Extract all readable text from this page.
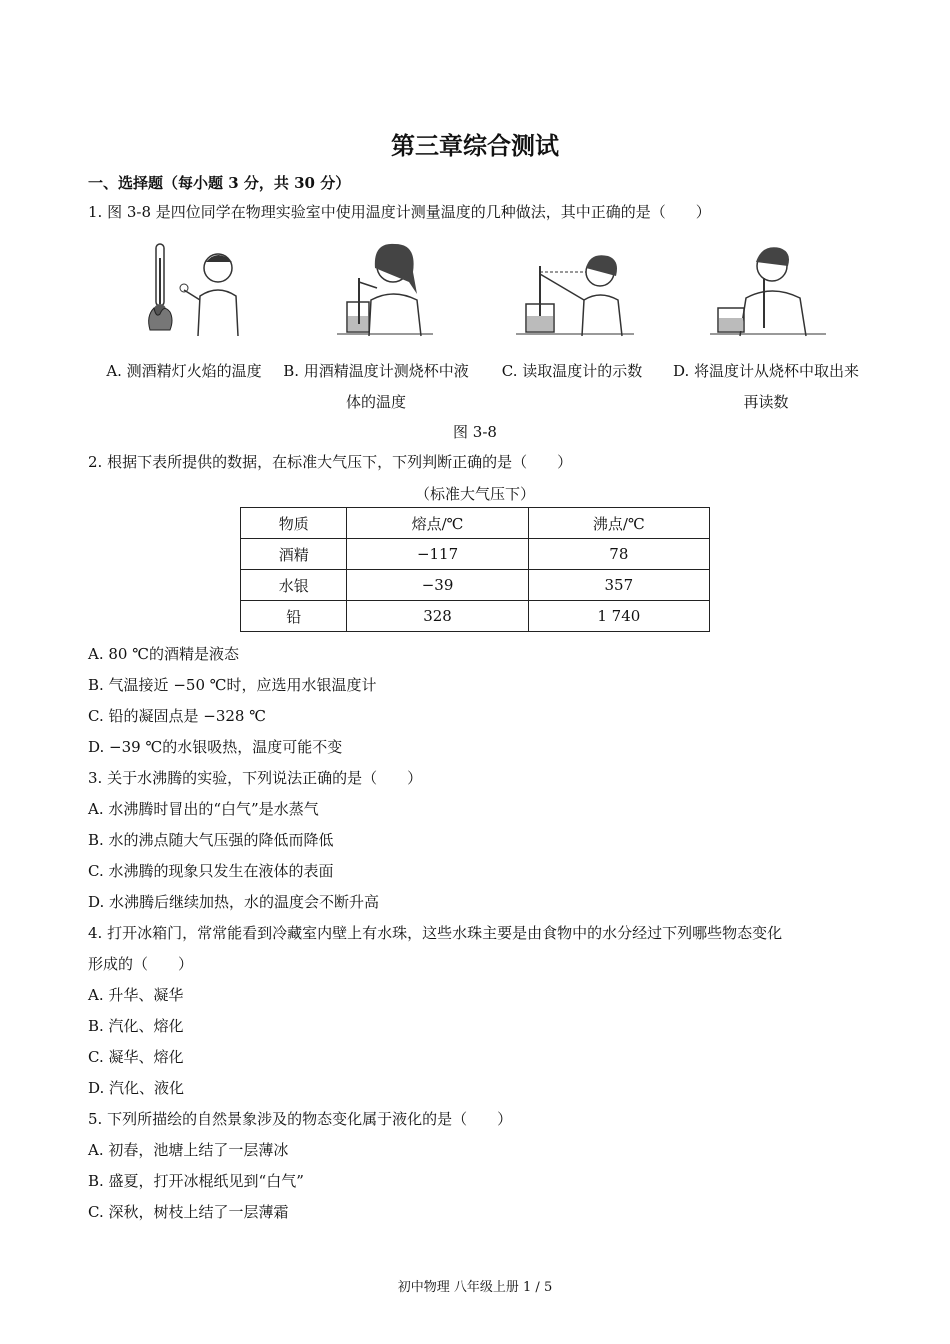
第三章综合测试
一、选择题（每小题 3 分，共 30 分）
1. 图 3-8 是四位同学在物理实验室中使用温度计测量温度的几种做法，其中正确的是（　　）
A. 测酒精灯火焰的温度	B. 用酒精温度计测烧杯中液体的温度
C. 读取温度计的示数	D. 将温度计从烧杯中取出来再读数
图 3-8
2. 根据下表所提供的数据，在标准大气压下，下列判断正确的是（　　）
（标准大气压下）
物质	熔点/℃	沸点/℃
酒精	−117	78
水银	−39	357
铅	328	1 740
A. 80 ℃的酒精是液态
B. 气温接近 −50 ℃时，应选用水银温度计
C. 铅的凝固点是 −328 ℃
D. −39 ℃的水银吸热，温度可能不变
3. 关于水沸腾的实验，下列说法正确的是（　　）
A. 水沸腾时冒出的“白气”是水蒸气
B. 水的沸点随大气压强的降低而降低
C. 水沸腾的现象只发生在液体的表面
D. 水沸腾后继续加热，水的温度会不断升高
4. 打开冰箱门，常常能看到冷藏室内壁上有水珠，这些水珠主要是由食物中的水分经过下列哪些物态变化
形成的（　　）
A. 升华、凝华
B. 汽化、熔化
C. 凝华、熔化
D. 汽化、液化
5. 下列所描绘的自然景象涉及的物态变化属于液化的是（　　）
A. 初春，池塘上结了一层薄冰
B. 盛夏，打开冰棍纸见到“白气”
C. 深秋，树枝上结了一层薄霜
初中物理 八年级上册 1 / 5
